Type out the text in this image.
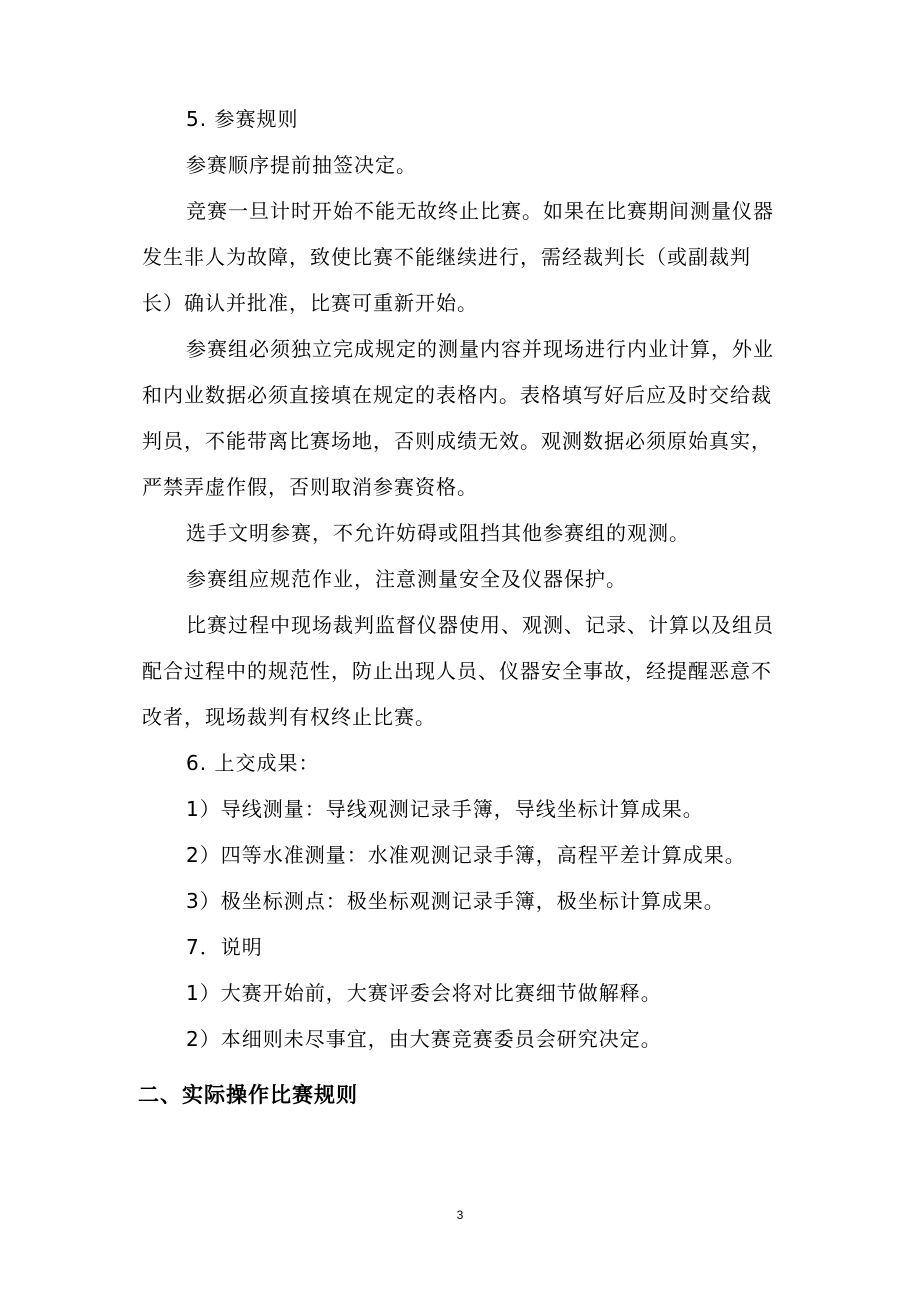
5. 参赛规则

参赛顺序提前抽签决定。

竞赛一旦计时开始不能无故终止比赛。如果在比赛期间测量仪器发生非人为故障，致使比赛不能继续进行，需经裁判长（或副裁判长）确认并批准，比赛可重新开始。

参赛组必须独立完成规定的测量内容并现场进行内业计算，外业和内业数据必须直接填在规定的表格内。表格填写好后应及时交给裁判员，不能带离比赛场地，否则成绩无效。观测数据必须原始真实，严禁弄虚作假，否则取消参赛资格。

选手文明参赛，不允许妨碍或阻挡其他参赛组的观测。

参赛组应规范作业，注意测量安全及仪器保护。

比赛过程中现场裁判监督仪器使用、观测、记录、计算以及组员配合过程中的规范性，防止出现人员、仪器安全事故，经提醒恶意不改者，现场裁判有权终止比赛。

6. 上交成果：

1）导线测量：导线观测记录手簿，导线坐标计算成果。

2）四等水准测量：水准观测记录手簿，高程平差计算成果。

3）极坐标测点：极坐标观测记录手簿，极坐标计算成果。

7．说明

1）大赛开始前，大赛评委会将对比赛细节做解释。

2）本细则未尽事宜，由大赛竞赛委员会研究决定。

二、实际操作比赛规则
3
